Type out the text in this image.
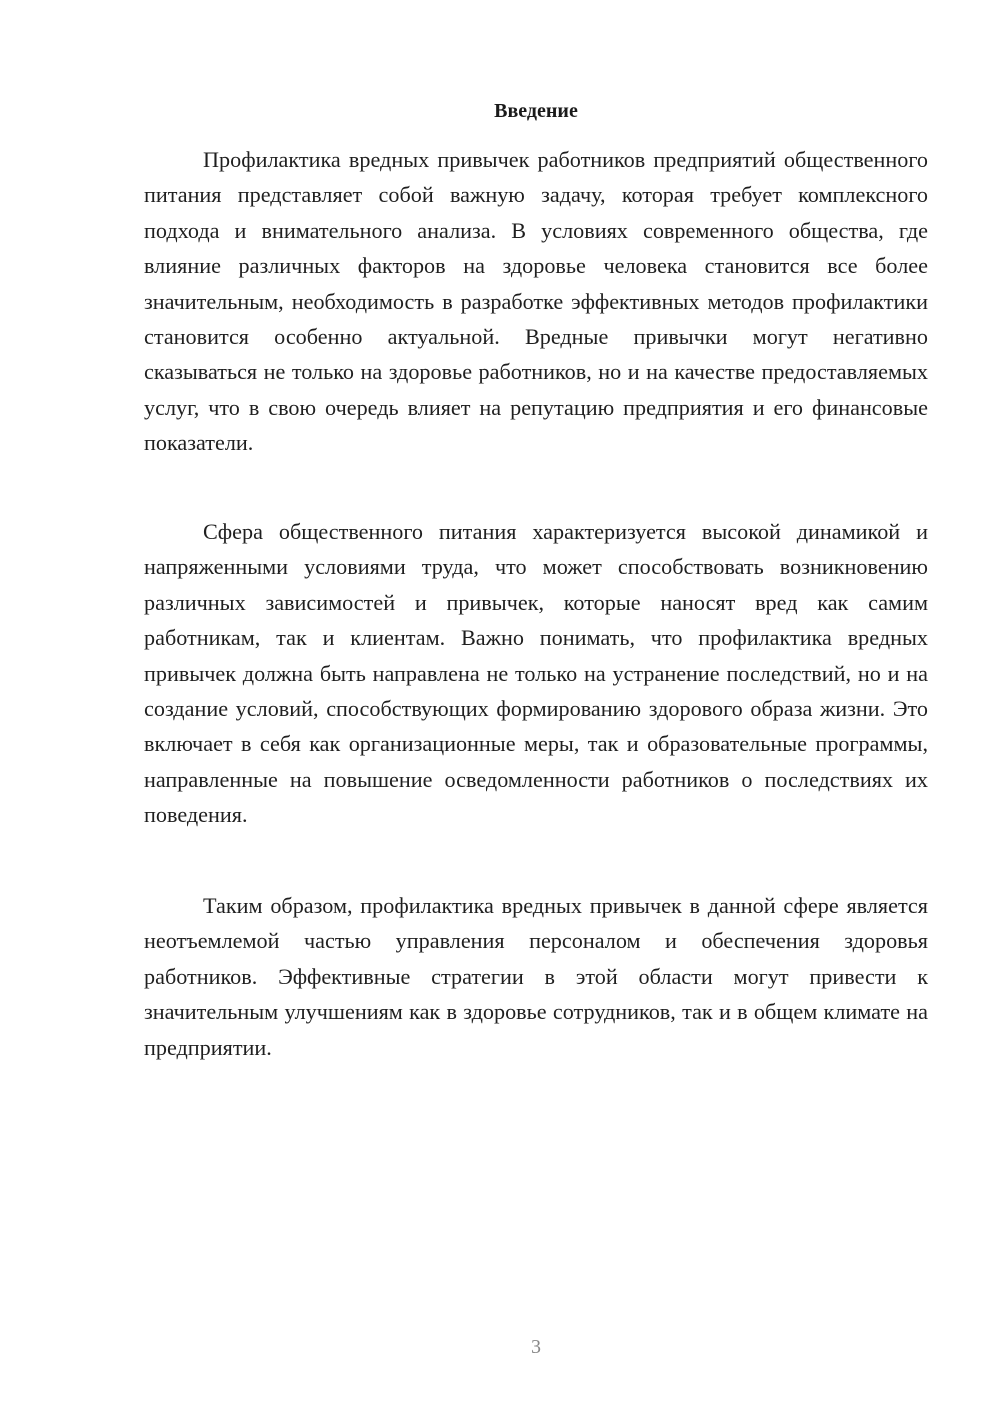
Введение

Профилактика вредных привычек работников предприятий общественного питания представляет собой важную задачу, которая требует комплексного подхода и внимательного анализа. В условиях современного общества, где влияние различных факторов на здоровье человека становится все более значительным, необходимость в разработке эффективных методов профилактики становится особенно актуальной. Вредные привычки могут негативно сказываться не только на здоровье работников, но и на качестве предоставляемых услуг, что в свою очередь влияет на репутацию предприятия и его финансовые показатели.

Сфера общественного питания характеризуется высокой динамикой и напряженными условиями труда, что может способствовать возникновению различных зависимостей и привычек, которые наносят вред как самим работникам, так и клиентам. Важно понимать, что профилактика вредных привычек должна быть направлена не только на устранение последствий, но и на создание условий, способствующих формированию здорового образа жизни. Это включает в себя как организационные меры, так и образовательные программы, направленные на повышение осведомленности работников о последствиях их поведения.

Таким образом, профилактика вредных привычек в данной сфере является неотъемлемой частью управления персоналом и обеспечения здоровья работников. Эффективные стратегии в этой области могут привести к значительным улучшениям как в здоровье сотрудников, так и в общем климате на предприятии.

3
